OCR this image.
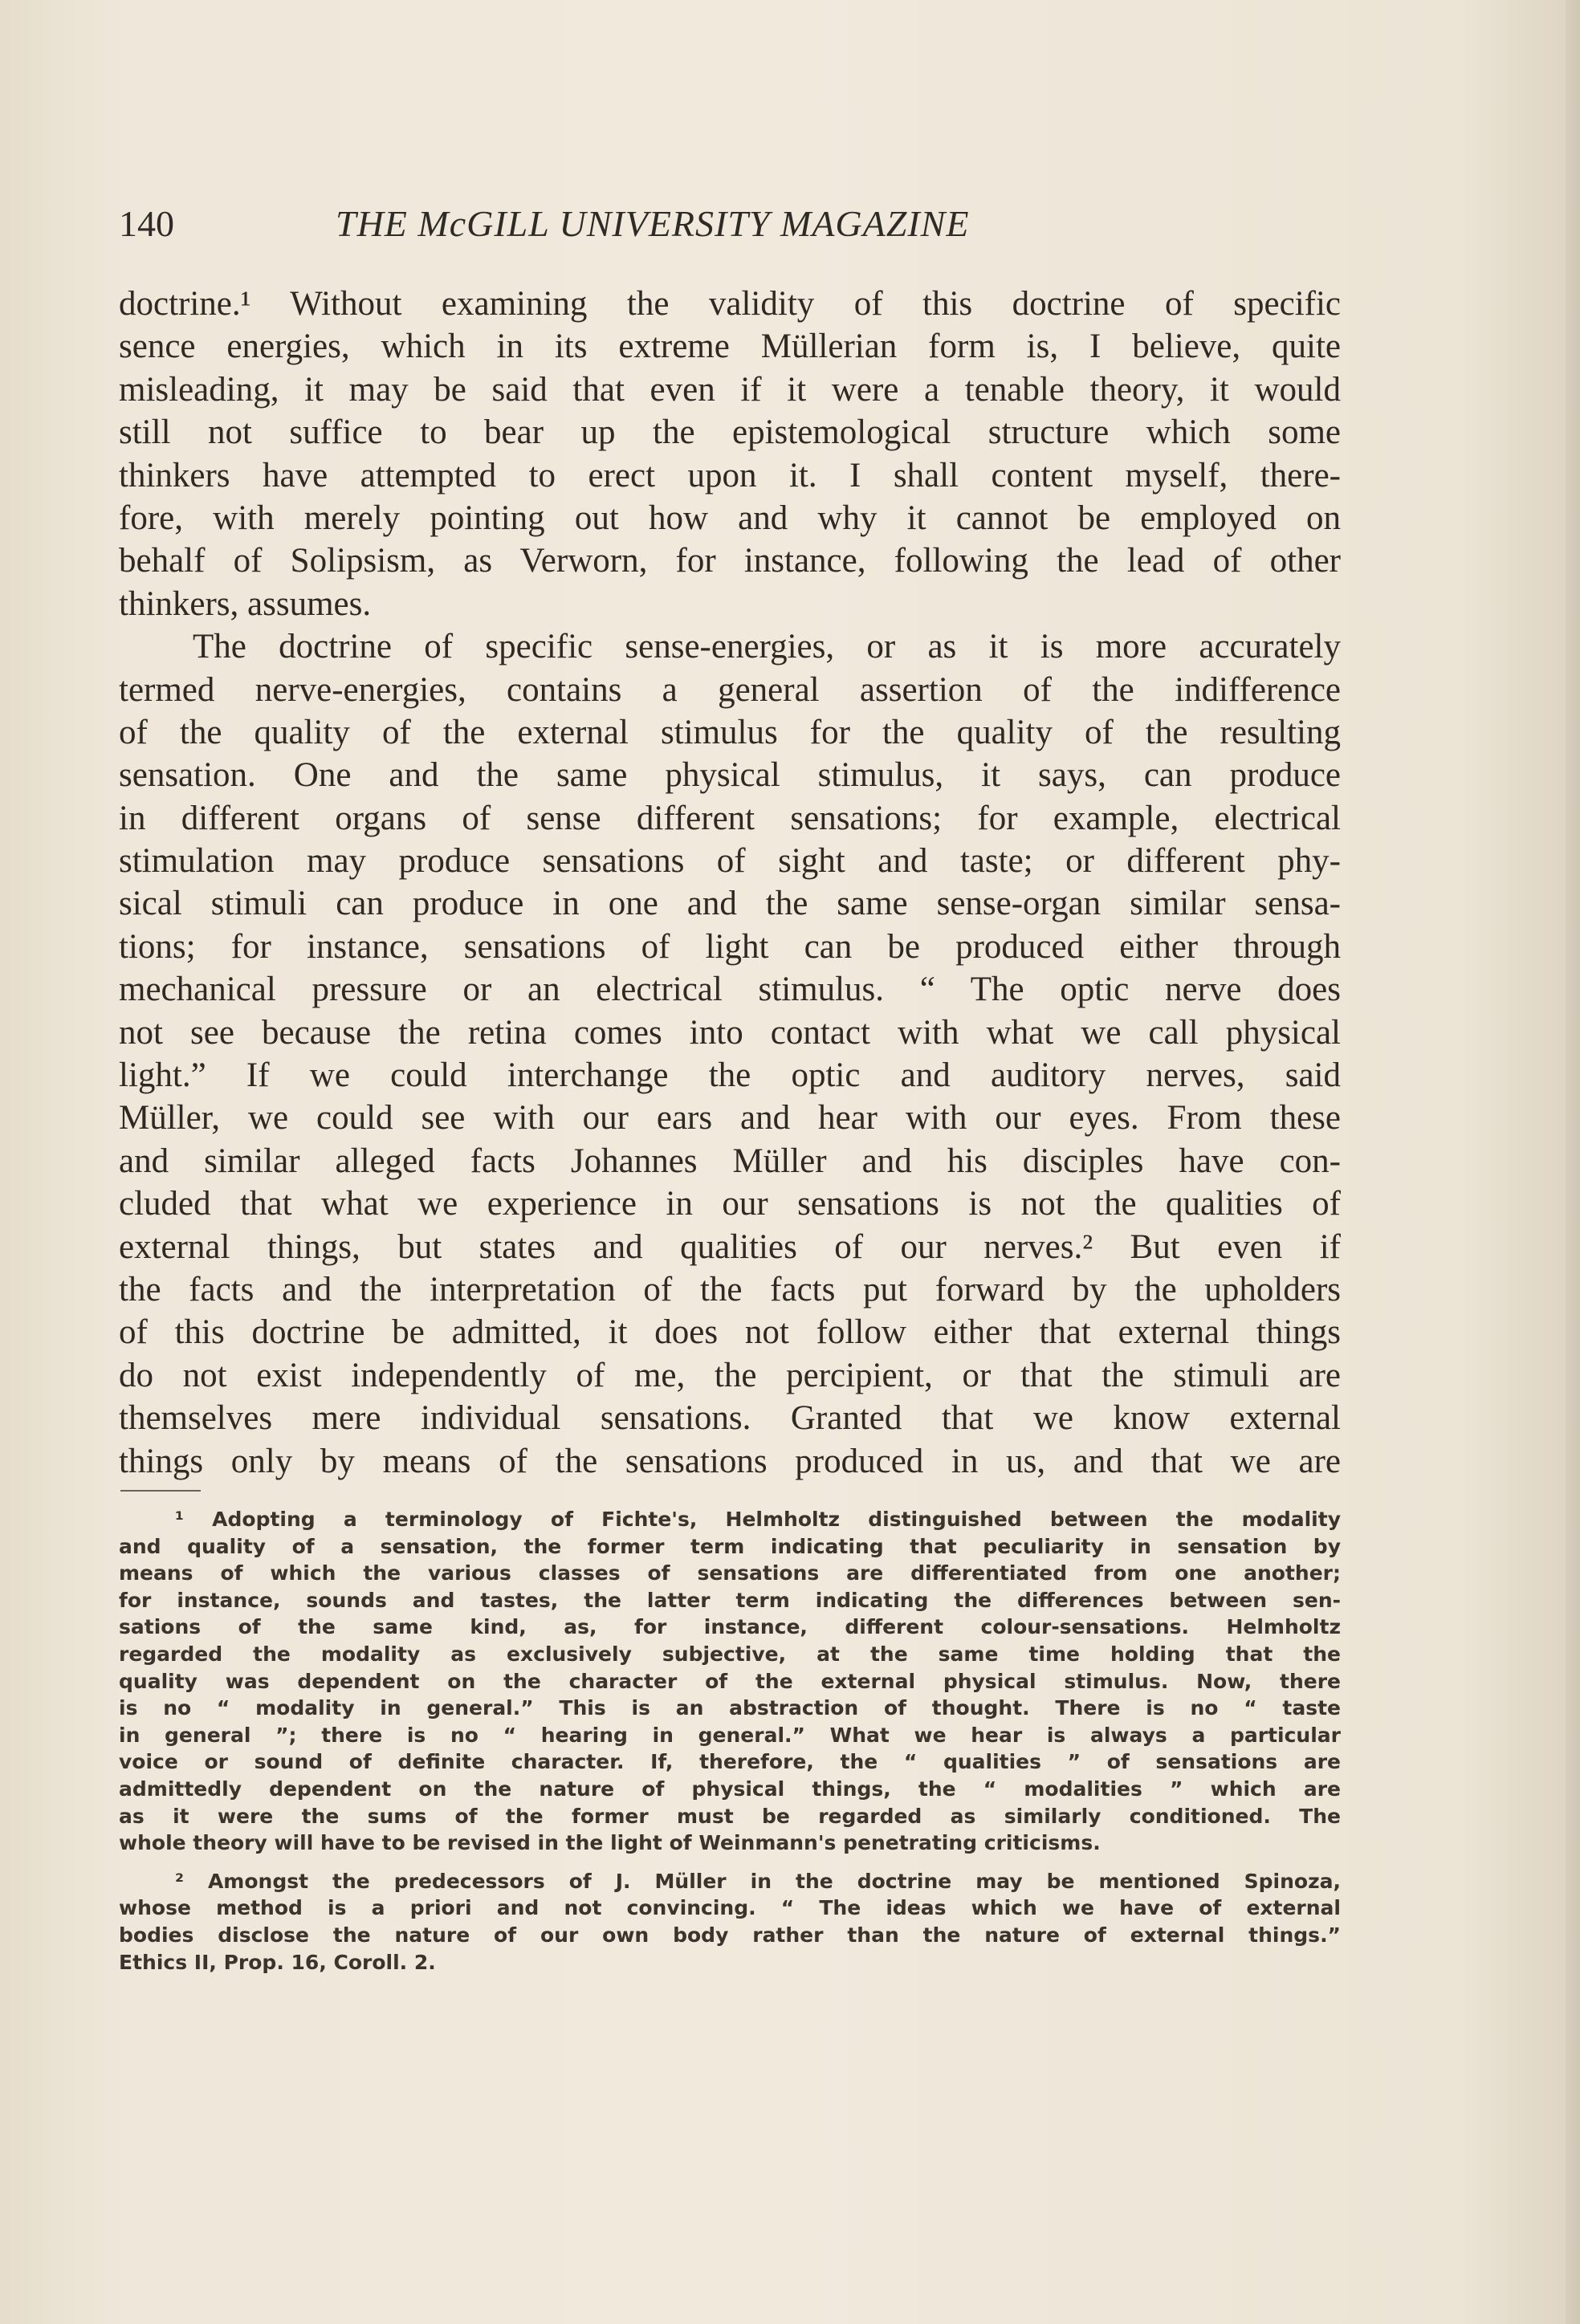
140	THE McGILL UNIVERSITY MAGAZINE
doctrine.¹ Without examining the validity of this doctrine of specific
sence energies, which in its extreme Müllerian form is, I believe, quite
misleading, it may be said that even if it were a tenable theory, it would
still not suffice to bear up the epistemological structure which some
thinkers have attempted to erect upon it. I shall content myself, there-
fore, with merely pointing out how and why it cannot be employed on
behalf of Solipsism, as Verworn, for instance, following the lead of other
thinkers, assumes.
The doctrine of specific sense-energies, or as it is more accurately
termed nerve-energies, contains a general assertion of the indifference
of the quality of the external stimulus for the quality of the resulting
sensation. One and the same physical stimulus, it says, can produce
in different organs of sense different sensations; for example, electrical
stimulation may produce sensations of sight and taste; or different phy-
sical stimuli can produce in one and the same sense-organ similar sensa-
tions; for instance, sensations of light can be produced either through
mechanical pressure or an electrical stimulus. “ The optic nerve does
not see because the retina comes into contact with what we call physical
light.” If we could interchange the optic and auditory nerves, said
Müller, we could see with our ears and hear with our eyes. From these
and similar alleged facts Johannes Müller and his disciples have con-
cluded that what we experience in our sensations is not the qualities of
external things, but states and qualities of our nerves.² But even if
the facts and the interpretation of the facts put forward by the upholders
of this doctrine be admitted, it does not follow either that external things
do not exist independently of me, the percipient, or that the stimuli are
themselves mere individual sensations. Granted that we know external
things only by means of the sensations produced in us, and that we are
¹ Adopting a terminology of Fichte's, Helmholtz distinguished between the modality
and quality of a sensation, the former term indicating that peculiarity in sensation by
means of which the various classes of sensations are differentiated from one another;
for instance, sounds and tastes, the latter term indicating the differences between sen-
sations of the same kind, as, for instance, different colour-sensations. Helmholtz
regarded the modality as exclusively subjective, at the same time holding that the
quality was dependent on the character of the external physical stimulus. Now, there
is no “ modality in general.” This is an abstraction of thought. There is no “ taste
in general ”; there is no “ hearing in general.” What we hear is always a particular
voice or sound of definite character. If, therefore, the “ qualities ” of sensations are
admittedly dependent on the nature of physical things, the “ modalities ” which are
as it were the sums of the former must be regarded as similarly conditioned. The
whole theory will have to be revised in the light of Weinmann's penetrating criticisms.
² Amongst the predecessors of J. Müller in the doctrine may be mentioned Spinoza,
whose method is a priori and not convincing. “ The ideas which we have of external
bodies disclose the nature of our own body rather than the nature of external things.”
Ethics II, Prop. 16, Coroll. 2.
